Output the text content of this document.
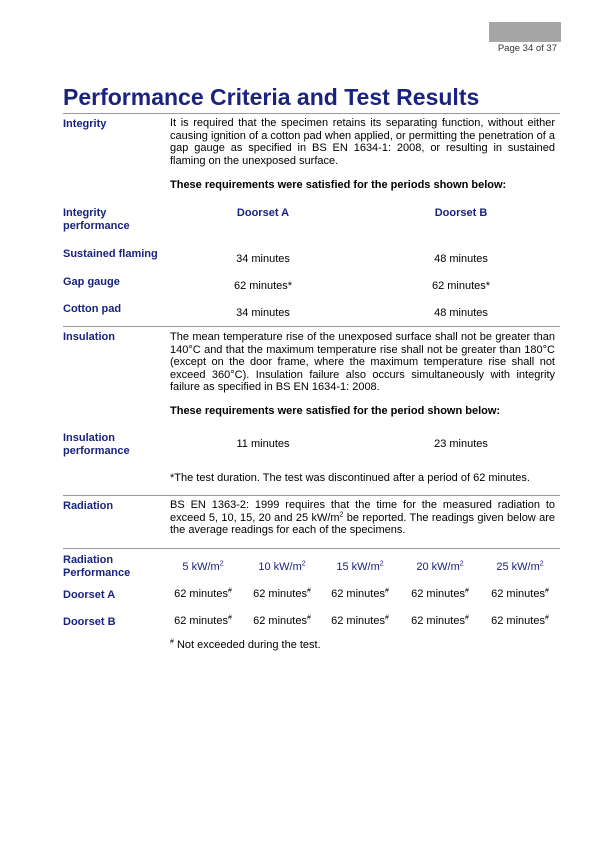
Page 34 of 37
Performance Criteria and Test Results
Integrity	It is required that the specimen retains its separating function, without either causing ignition of a cotton pad when applied, or permitting the penetration of a gap gauge as specified in BS EN 1634-1: 2008, or resulting in sustained flaming on the unexposed surface.
These requirements were satisfied for the periods shown below:
Integrity performance
Doorset A	Doorset B
Sustained flaming	34 minutes	48 minutes
Gap gauge	62 minutes*	62 minutes*
Cotton pad	34 minutes	48 minutes
Insulation	The mean temperature rise of the unexposed surface shall not be greater than 140°C and that the maximum temperature rise shall not be greater than 180°C (except on the door frame, where the maximum temperature rise shall not exceed 360°C). Insulation failure also occurs simultaneously with integrity failure as specified in BS EN 1634-1: 2008.
These requirements were satisfied for the period shown below:
Insulation performance
11 minutes	23 minutes
*The test duration. The test was discontinued after a period of 62 minutes.
Radiation	BS EN 1363-2: 1999 requires that the time for the measured radiation to exceed 5, 10, 15, 20 and 25 $kW/m^2$ be reported. The readings given below are the average readings for each of the specimens.
Radiation Performance	5 $kW/m^2$	10 $kW/m^2$	15 $kW/m^2$	20 $kW/m^2$	25 $kW/m^2$
Doorset A	62 minutes# 62 minutes# 62 minutes# 62 minutes# 62 minutes#
Doorset B	62 minutes# 62 minutes# 62 minutes# 62 minutes# 62 minutes#
# Not exceeded during the test.
